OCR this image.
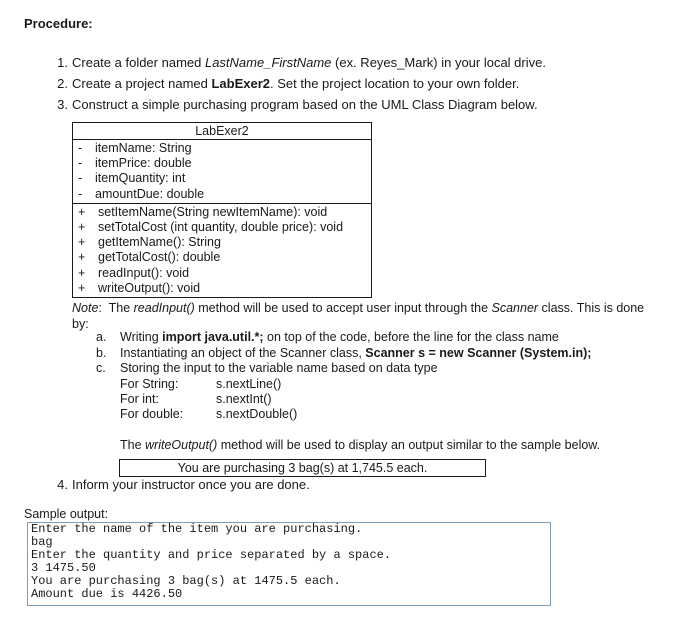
Procedure:
1. Create a folder named LastName_FirstName (ex. Reyes_Mark) in your local drive.
2. Create a project named LabExer2. Set the project location to your own folder.
3. Construct a simple purchasing program based on the UML Class Diagram below.
LabExer2
- itemName: String
- itemPrice: double
- itemQuantity: int
- amountDue: double
+ setItemName(String newItemName): void
+ setTotalCost (int quantity, double price): void
+ getItemName(): String
+ getTotalCost(): double
+ readInput(): void
+ writeOutput(): void
Note:  The readInput() method will be used to accept user input through the Scanner class. This is done by:
a. Writing import java.util.*; on top of the code, before the line for the class name
b. Instantiating an object of the Scanner class, Scanner s = new Scanner (System.in);
c. Storing the input to the variable name based on data type
For String:	s.nextLine()
For int:	s.nextInt()
For double:	s.nextDouble()
The writeOutput() method will be used to display an output similar to the sample below.
You are purchasing 3 bag(s) at 1,745.5 each.
4. Inform your instructor once you are done.
Sample output:
Enter the name of the item you are purchasing.
bag
Enter the quantity and price separated by a space.
3 1475.50
You are purchasing 3 bag(s) at 1475.5 each.
Amount due is 4426.50
